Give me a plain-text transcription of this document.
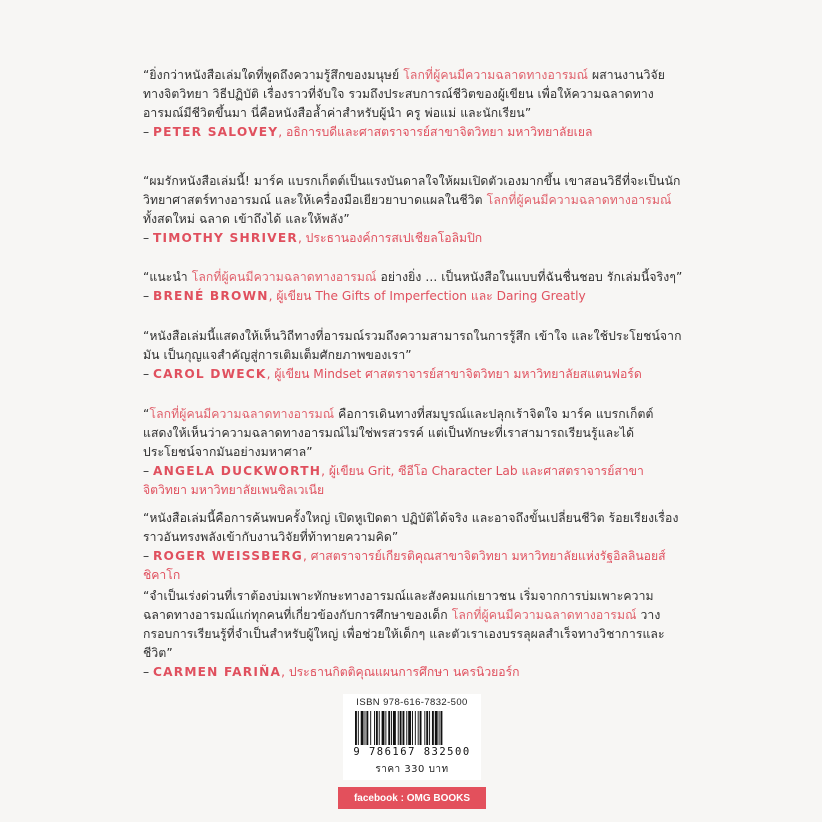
“ยิ่งกว่าหนังสือเล่มใดที่พูดถึงความรู้สึกของมนุษย์ โลกที่ผู้คนมีความฉลาดทางอารมณ์ ผสานงานวิจัยทางจิตวิทยา วิธีปฏิบัติ เรื่องราวที่จับใจ รวมถึงประสบการณ์ชีวิตของผู้เขียน เพื่อให้ความฉลาดทางอารมณ์มีชีวิตขึ้นมา นี่คือหนังสือล้ำค่าสำหรับผู้นำ ครู พ่อแม่ และนักเรียน”

– PETER SALOVEY, อธิการบดีและศาสตราจารย์สาขาจิตวิทยา มหาวิทยาลัยเยล

“ผมรักหนังสือเล่มนี้! มาร์ค แบรกเก็ตต์เป็นแรงบันดาลใจให้ผมเปิดตัวเองมากขึ้น เขาสอนวิธีที่จะเป็นนักวิทยาศาสตร์ทางอารมณ์ และให้เครื่องมือเยียวยาบาดแผลในชีวิต โลกที่ผู้คนมีความฉลาดทางอารมณ์ ทั้งสดใหม่ ฉลาด เข้าถึงได้ และให้พลัง”

– TIMOTHY SHRIVER, ประธานองค์การสเปเชียลโอลิมปิก

“แนะนำ โลกที่ผู้คนมีความฉลาดทางอารมณ์ อย่างยิ่ง ... เป็นหนังสือในแบบที่ฉันชื่นชอบ รักเล่มนี้จริงๆ”

– BRENÉ BROWN, ผู้เขียน The Gifts of Imperfection และ Daring Greatly

“หนังสือเล่มนี้แสดงให้เห็นวิถีทางที่อารมณ์รวมถึงความสามารถในการรู้สึก เข้าใจ และใช้ประโยชน์จากมัน เป็นกุญแจสำคัญสู่การเติมเต็มศักยภาพของเรา”

– CAROL DWECK, ผู้เขียน Mindset ศาสตราจารย์สาขาจิตวิทยา มหาวิทยาลัยสแตนฟอร์ด

“โลกที่ผู้คนมีความฉลาดทางอารมณ์ คือการเดินทางที่สมบูรณ์และปลุกเร้าจิตใจ มาร์ค แบรกเก็ตต์แสดงให้เห็นว่าความฉลาดทางอารมณ์ไม่ใช่พรสวรรค์ แต่เป็นทักษะที่เราสามารถเรียนรู้และได้ประโยชน์จากมันอย่างมหาศาล”

– ANGELA DUCKWORTH, ผู้เขียน Grit, ซีอีโอ Character Lab และศาสตราจารย์สาขาจิตวิทยา มหาวิทยาลัยเพนซิลเวเนีย

“หนังสือเล่มนี้คือการค้นพบครั้งใหญ่ เปิดหูเปิดตา ปฏิบัติได้จริง และอาจถึงขั้นเปลี่ยนชีวิต ร้อยเรียงเรื่องราวอันทรงพลังเข้ากับงานวิจัยที่ท้าทายความคิด”

– ROGER WEISSBERG, ศาสตราจารย์เกียรติคุณสาขาจิตวิทยา มหาวิทยาลัยแห่งรัฐอิลลินอยส์ ชิคาโก

“จำเป็นเร่งด่วนที่เราต้องบ่มเพาะทักษะทางอารมณ์และสังคมแก่เยาวชน เริ่มจากการบ่มเพาะความฉลาดทางอารมณ์แก่ทุกคนที่เกี่ยวข้องกับการศึกษาของเด็ก โลกที่ผู้คนมีความฉลาดทางอารมณ์ วางกรอบการเรียนรู้ที่จำเป็นสำหรับผู้ใหญ่ เพื่อช่วยให้เด็กๆ และตัวเราเองบรรลุผลสำเร็จทางวิชาการและชีวิต”

– CARMEN FARIÑA, ประธานกิตติคุณแผนการศึกษา นครนิวยอร์ก

ISBN 978-616-7832-500
9 786167 832500
ราคา 330 บาท
facebook : OMG BOOKS
